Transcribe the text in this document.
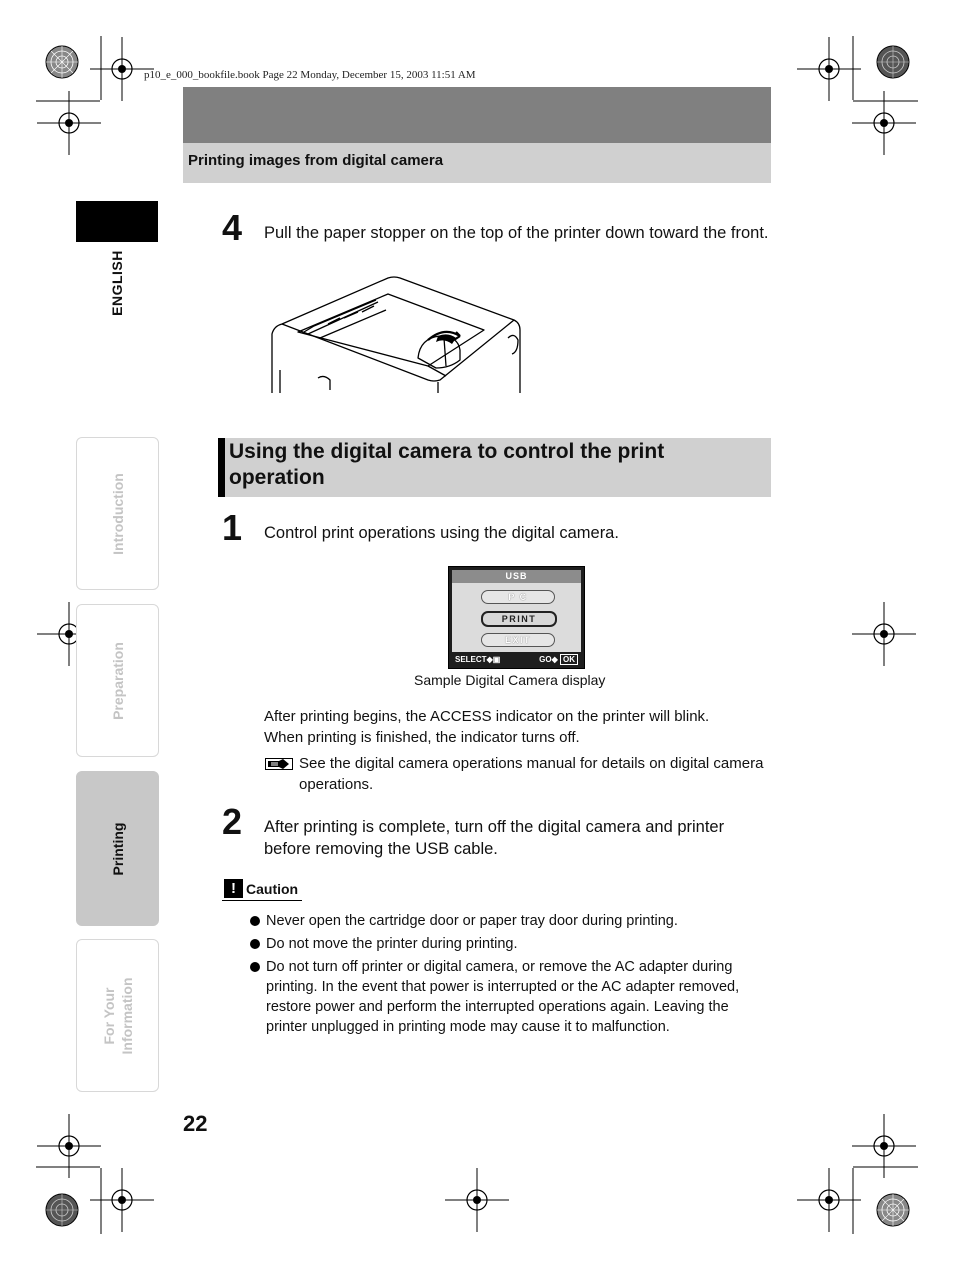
p10_e_000_bookfile.book Page 22 Monday, December 15, 2003 11:51 AM
Printing images from digital camera
ENGLISH
Introduction
Preparation
Printing
For Your Information
4 Pull the paper stopper on the top of the printer down toward the front.
Using the digital camera to control the print operation
1 Control print operations using the digital camera.
USB
P C
PRINT
EXIT
SELECT◆▣	GO◆ OK
Sample Digital Camera display
After printing begins, the ACCESS indicator on the printer will blink.
When printing is finished, the indicator turns off.
See the digital camera operations manual for details on digital camera operations.
2 After printing is complete, turn off the digital camera and printer before removing the USB cable.
! Caution
Never open the cartridge door or paper tray door during printing.
Do not move the printer during printing.
Do not turn off printer or digital camera, or remove the AC adapter during printing. In the event that power is interrupted or the AC adapter removed, restore power and perform the interrupted operations again. Leaving the printer unplugged in printing mode may cause it to malfunction.
22
